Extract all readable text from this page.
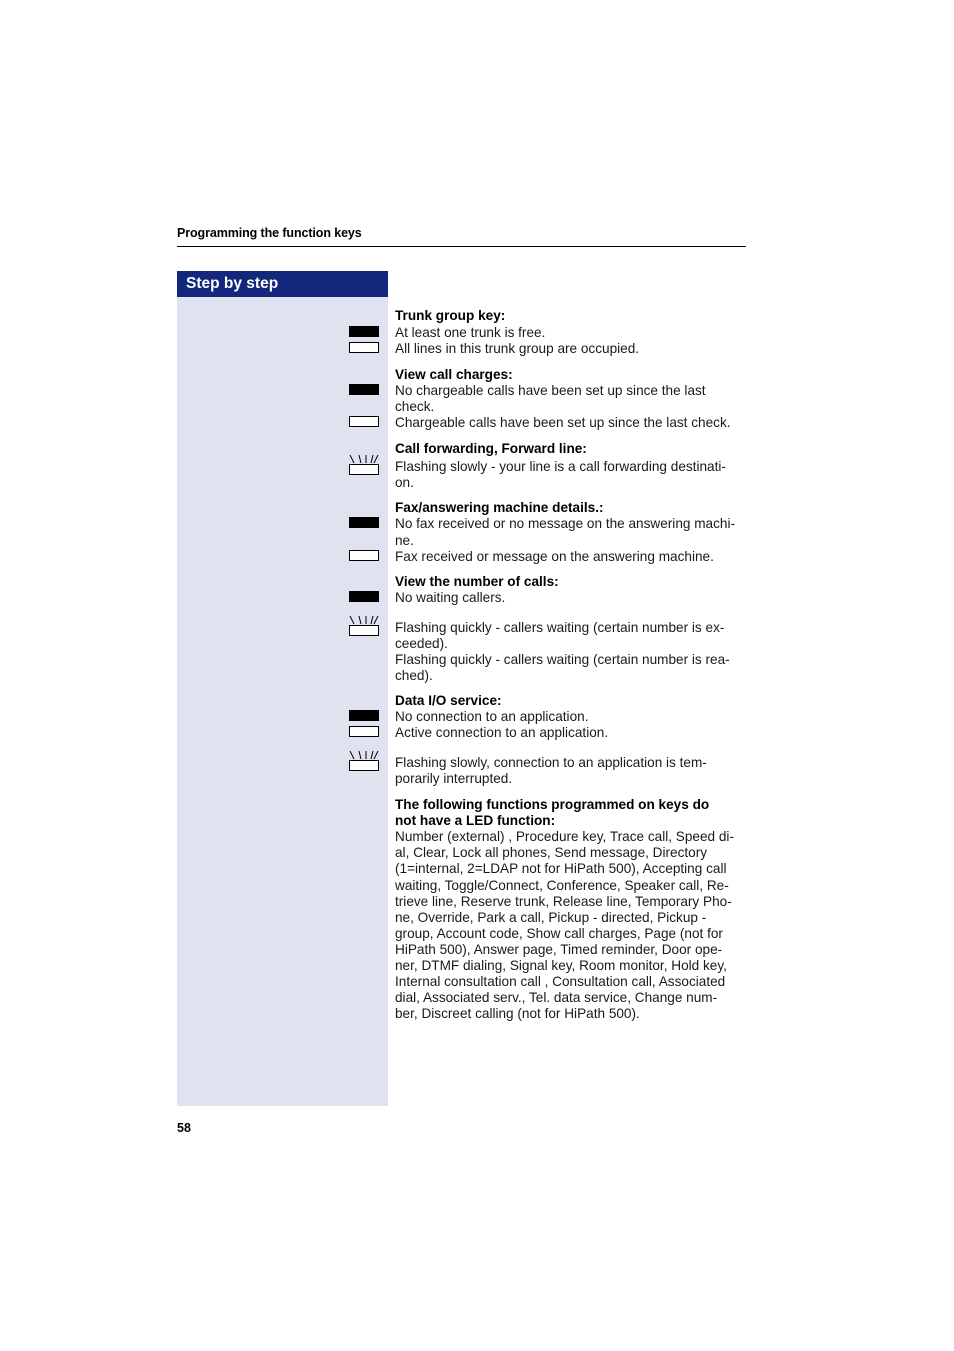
Programming the function keys
Step by step
Trunk group key:
At least one trunk is free.
All lines in this trunk group are occupied.
View call charges:
No chargeable calls have been set up since the last
check.
Chargeable calls have been set up since the last check.
Call forwarding, Forward line:
Flashing slowly - your line is a call forwarding destinati-
on.
Fax/answering machine details.:
No fax received or no message on the answering machi-
ne.
Fax received or message on the answering machine.
View the number of calls:
No waiting callers.
Flashing quickly - callers waiting (certain number is ex-
ceeded).
Flashing quickly - callers waiting (certain number is rea-
ched).
Data I/O service:
No connection to an application.
Active connection to an application.
Flashing slowly, connection to an application is tem-
porarily interrupted.
The following functions programmed on keys do
not have a LED function:
Number (external) , Procedure key, Trace call, Speed di-
al, Clear, Lock all phones, Send message, Directory
(1=internal, 2=LDAP not for HiPath 500), Accepting call
waiting, Toggle/Connect, Conference, Speaker call, Re-
trieve line, Reserve trunk, Release line, Temporary Pho-
ne, Override, Park a call, Pickup - directed, Pickup -
group, Account code, Show call charges, Page (not for
HiPath 500), Answer page, Timed reminder, Door ope-
ner, DTMF dialing, Signal key, Room monitor, Hold key,
Internal consultation call , Consultation call, Associated
dial, Associated serv., Tel. data service, Change num-
ber, Discreet calling (not for HiPath 500).
58
